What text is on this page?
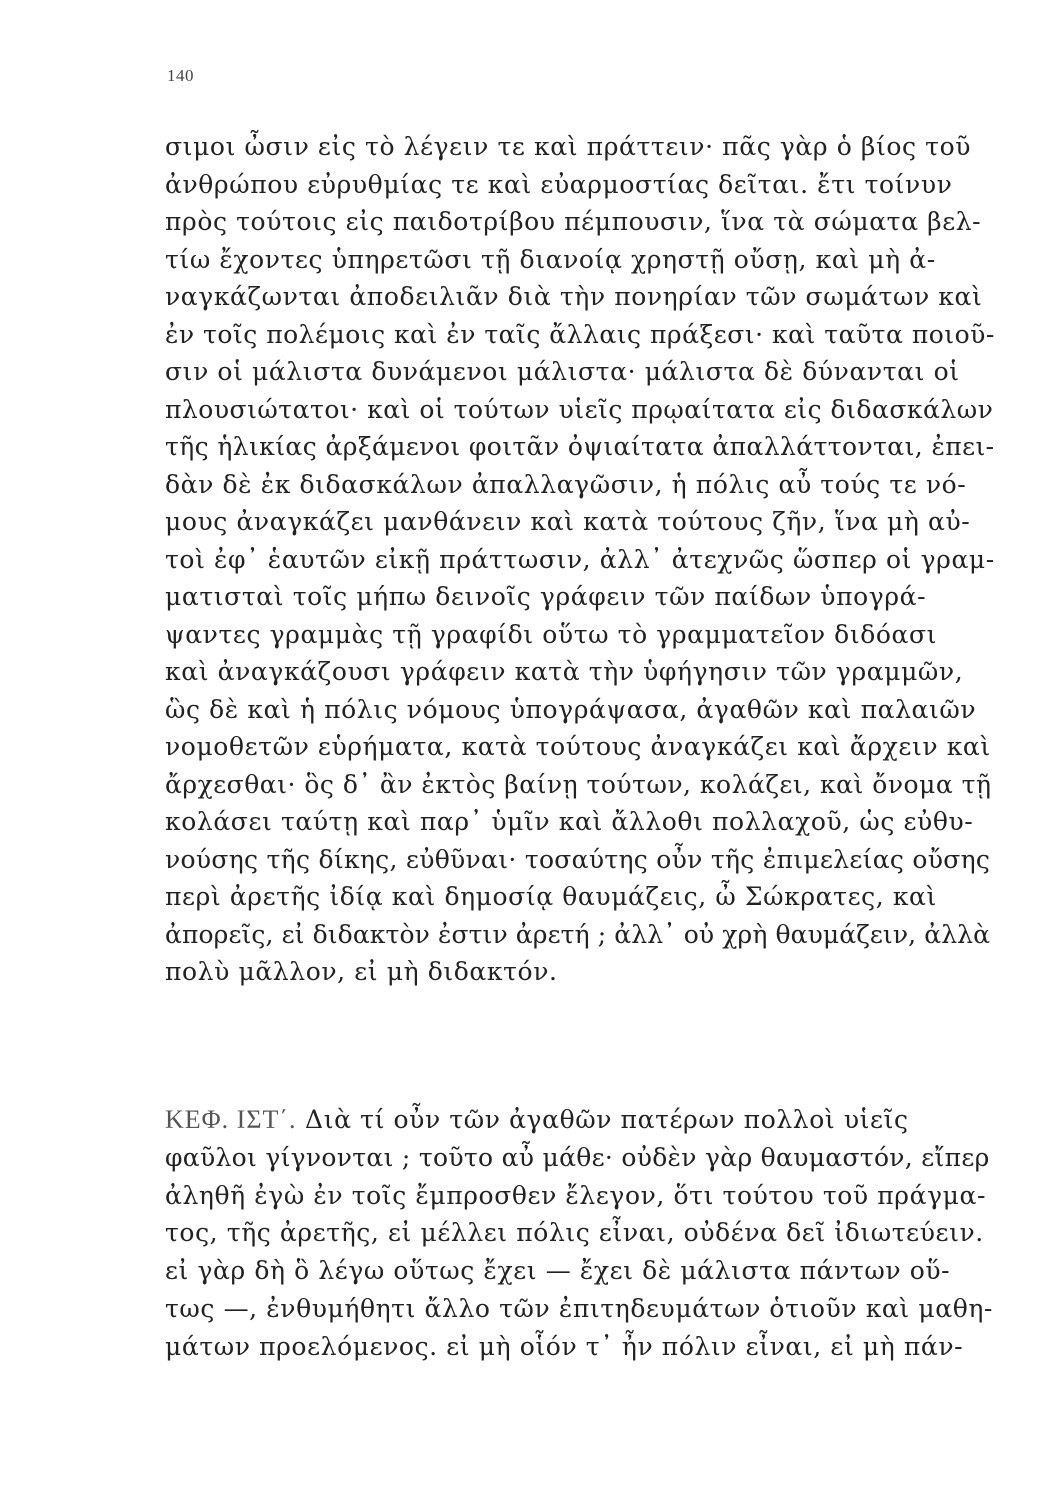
140
σιμοι ὦσιν εἰς τὸ λέγειν τε καὶ πράττειν· πᾶς γὰρ ὁ βίος τοῦ
ἀνθρώπου εὐρυθμίας τε καὶ εὐαρμοστίας δεῖται. ἔτι τοίνυν
πρὸς τούτοις εἰς παιδοτρίβου πέμπουσιν, ἵνα τὰ σώματα βελ-
τίω ἔχοντες ὑπηρετῶσι τῇ διανοίᾳ χρηστῇ οὔσῃ, καὶ μὴ ἀ-
ναγκάζωνται ἀποδειλιᾶν διὰ τὴν πονηρίαν τῶν σωμάτων καὶ
ἐν τοῖς πολέμοις καὶ ἐν ταῖς ἄλλαις πράξεσι· καὶ ταῦτα ποιοῦ-
σιν οἱ μάλιστα δυνάμενοι μάλιστα· μάλιστα δὲ δύνανται οἱ
πλουσιώτατοι· καὶ οἱ τούτων υἱεῖς πρῳαίτατα εἰς διδασκάλων
τῆς ἡλικίας ἀρξάμενοι φοιτᾶν ὀψιαίτατα ἀπαλλάττονται, ἐπει-
δὰν δὲ ἐκ διδασκάλων ἀπαλλαγῶσιν, ἡ πόλις αὖ τούς τε νό-
μους ἀναγκάζει μανθάνειν καὶ κατὰ τούτους ζῆν, ἵνα μὴ αὐ-
τοὶ ἐφ᾽ ἑαυτῶν εἰκῇ πράττωσιν, ἀλλ᾽ ἀτεχνῶς ὥσπερ οἱ γραμ-
ματισταὶ τοῖς μήπω δεινοῖς γράφειν τῶν παίδων ὑπογρά-
ψαντες γραμμὰς τῇ γραφίδι οὕτω τὸ γραμματεῖον διδόασι
καὶ ἀναγκάζουσι γράφειν κατὰ τὴν ὑφήγησιν τῶν γραμμῶν,
ὣς δὲ καὶ ἡ πόλις νόμους ὑπογράψασα, ἀγαθῶν καὶ παλαιῶν
νομοθετῶν εὑρήματα, κατὰ τούτους ἀναγκάζει καὶ ἄρχειν καὶ
ἄρχεσθαι· ὃς δ᾽ ἂν ἐκτὸς βαίνῃ τούτων, κολάζει, καὶ ὄνομα τῇ
κολάσει ταύτῃ καὶ παρ᾽ ὑμῖν καὶ ἄλλοθι πολλαχοῦ, ὡς εὐθυ-
νούσης τῆς δίκης, εὐθῦναι· τοσαύτης οὖν τῆς ἐπιμελείας οὔσης
περὶ ἀρετῆς ἰδίᾳ καὶ δημοσίᾳ θαυμάζεις, ὦ Σώκρατες, καὶ
ἀπορεῖς, εἰ διδακτὸν ἐστιν ἀρετή ; ἀλλ᾽ οὐ χρὴ θαυμάζειν, ἀλλὰ
πολὺ μᾶλλον, εἰ μὴ διδακτόν.
ΚΕΦ. ΙΣΤ΄. Διὰ τί οὖν τῶν ἀγαθῶν πατέρων πολλοὶ υἱεῖς
φαῦλοι γίγνονται ; τοῦτο αὖ μάθε· οὐδὲν γὰρ θαυμαστόν, εἴπερ
ἀληθῆ ἐγὼ ἐν τοῖς ἔμπροσθεν ἔλεγον, ὅτι τούτου τοῦ πράγμα-
τος, τῆς ἀρετῆς, εἰ μέλλει πόλις εἶναι, οὐδένα δεῖ ἰδιωτεύειν.
εἰ γὰρ δὴ ὃ λέγω οὕτως ἔχει — ἔχει δὲ μάλιστα πάντων οὕ-
τως —, ἐνθυμήθητι ἄλλο τῶν ἐπιτηδευμάτων ὁτιοῦν καὶ μαθη-
μάτων προελόμενος. εἰ μὴ οἷόν τ᾽ ἦν πόλιν εἶναι, εἰ μὴ πάν-
